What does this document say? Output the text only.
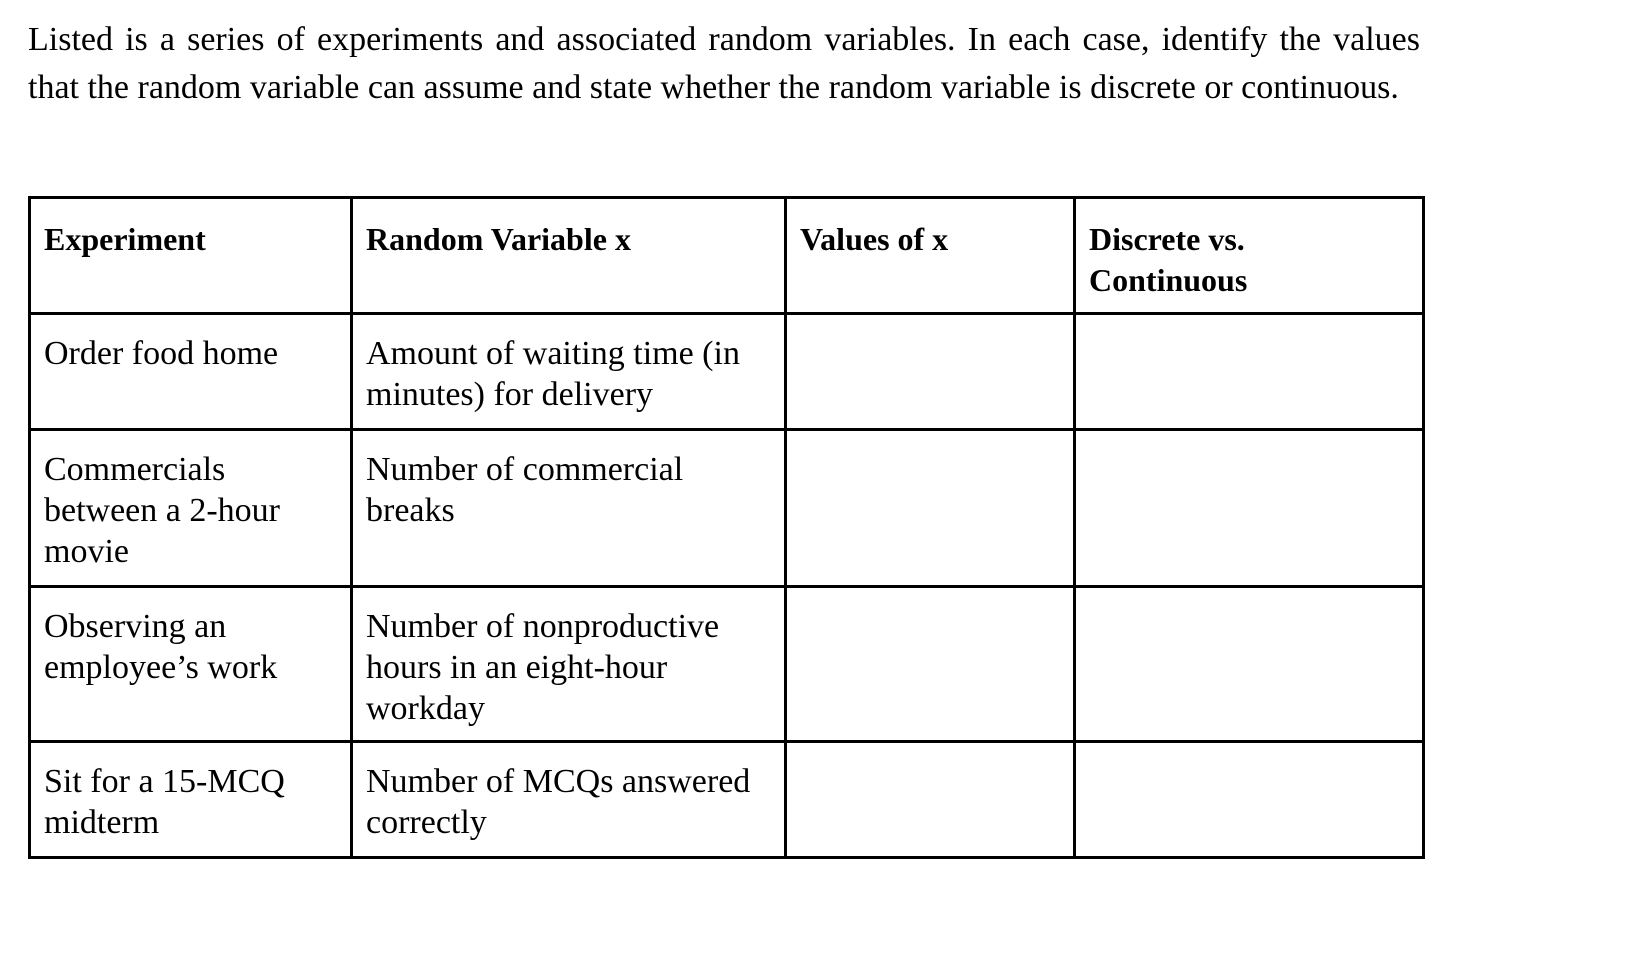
Listed is a series of experiments and associated random variables. In each case, identify the values that the random variable can assume and state whether the random variable is discrete or continuous.

Experiment	Random Variable x	Values of x	Discrete vs. Continuous
Order food home	Amount of waiting time (in minutes) for delivery		
Commercials between a 2-hour movie	Number of commercial breaks		
Observing an employee’s work	Number of nonproductive hours in an eight-hour workday		
Sit for a 15-MCQ midterm	Number of MCQs answered correctly		
